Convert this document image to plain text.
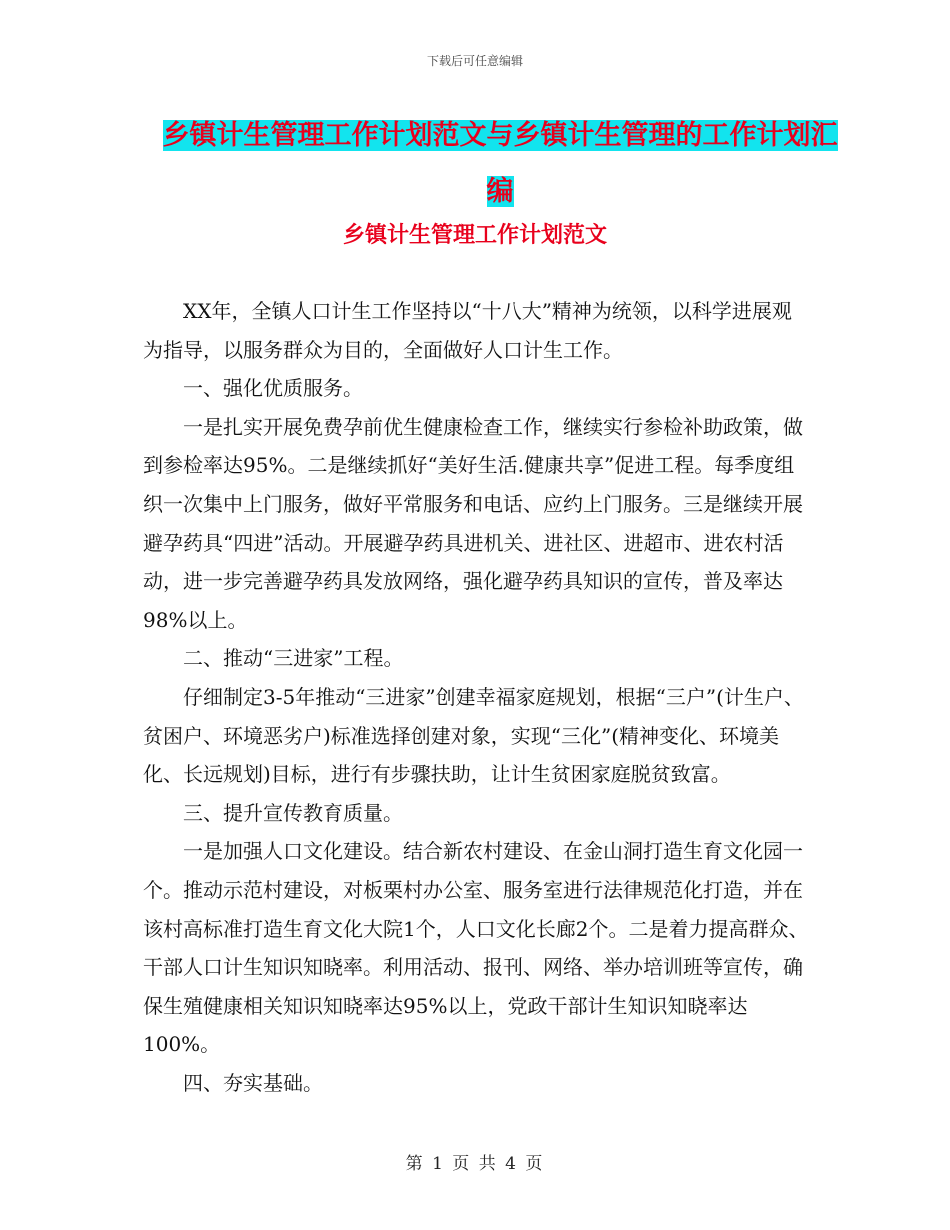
下载后可任意编辑
乡镇计生管理工作计划范文与乡镇计生管理的工作计划汇编
乡镇计生管理工作计划范文

XX年，全镇人口计生工作坚持以“十八大”精神为统领，以科学进展观为指导，以服务群众为目的，全面做好人口计生工作。

一、强化优质服务。

一是扎实开展免费孕前优生健康检查工作，继续实行参检补助政策，做到参检率达95%。二是继续抓好“美好生活.健康共享”促进工程。每季度组织一次集中上门服务，做好平常服务和电话、应约上门服务。三是继续开展避孕药具“四进”活动。开展避孕药具进机关、进社区、进超市、进农村活动，进一步完善避孕药具发放网络，强化避孕药具知识的宣传，普及率达98%以上。

二、推动“三进家”工程。

仔细制定3-5年推动“三进家”创建幸福家庭规划，根据“三户”(计生户、贫困户、环境恶劣户)标准选择创建对象，实现“三化”(精神变化、环境美化、长远规划)目标，进行有步骤扶助，让计生贫困家庭脱贫致富。

三、提升宣传教育质量。

一是加强人口文化建设。结合新农村建设、在金山洞打造生育文化园一个。推动示范村建设，对板栗村办公室、服务室进行法律规范化打造，并在该村高标准打造生育文化大院1个，人口文化长廊2个。二是着力提高群众、干部人口计生知识知晓率。利用活动、报刊、网络、举办培训班等宣传，确保生殖健康相关知识知晓率达95%以上，党政干部计生知识知晓率达100%。

四、夯实基础。

第 1 页 共 4 页
